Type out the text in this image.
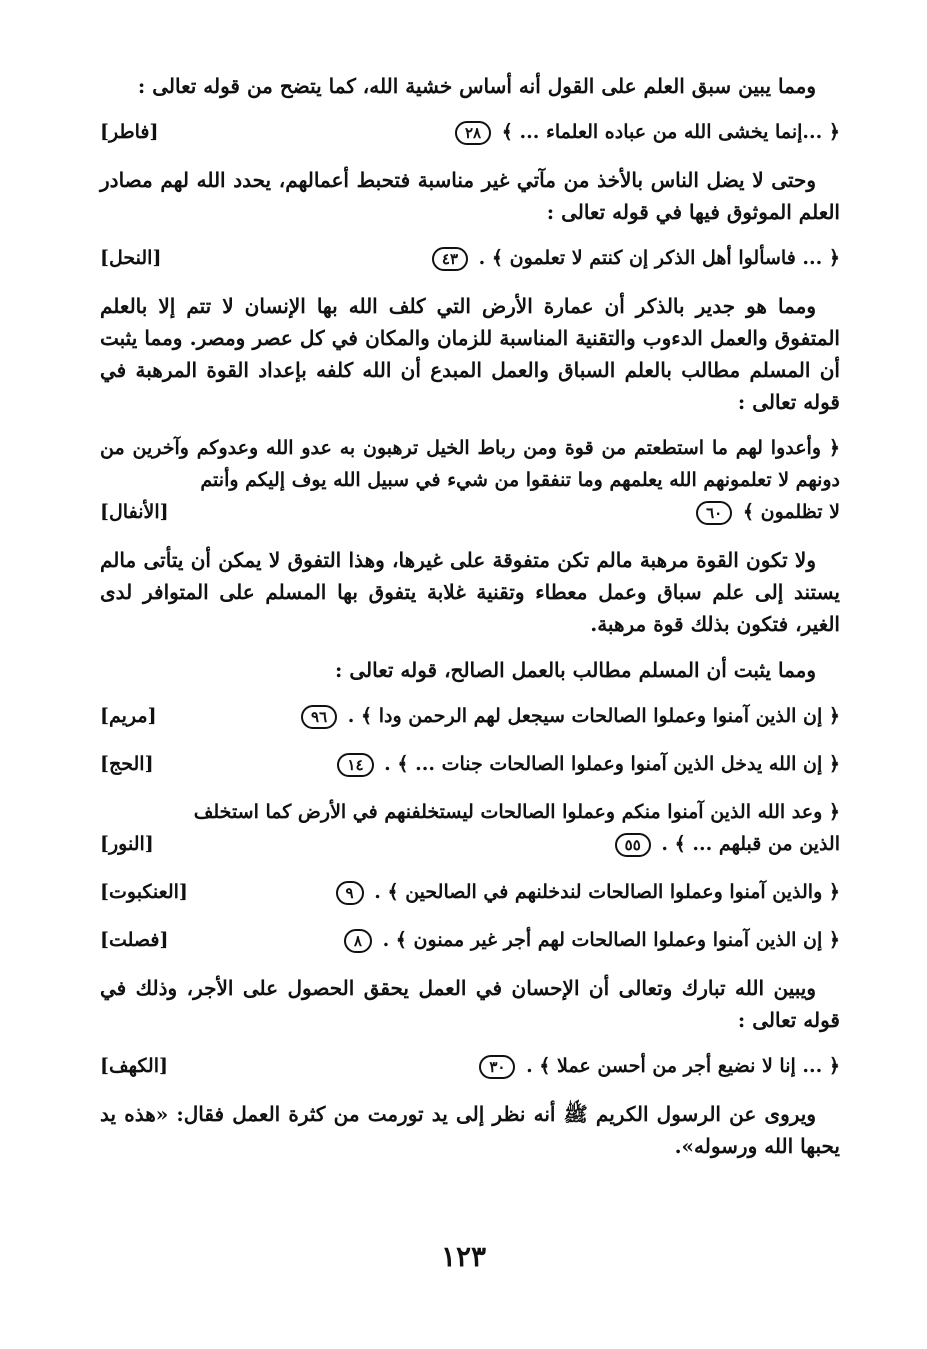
ومما يبين سبق العلم على القول أنه أساس خشية الله، كما يتضح من قوله تعالى :

﴿ ...إنما يخشى الله من عباده العلماء ... ﴾ ٢٨
[فاطر]

وحتى لا يضل الناس بالأخذ من مآتي غير مناسبة فتحبط أعمالهم، يحدد الله لهم مصادر العلم الموثوق فيها في قوله تعالى :

﴿ ... فاسألوا أهل الذكر إن كنتم لا تعلمون ﴾ . ٤٣
[النحل]

ومما هو جدير بالذكر أن عمارة الأرض التي كلف الله بها الإنسان لا تتم إلا بالعلم المتفوق والعمل الدءوب والتقنية المناسبة للزمان والمكان في كل عصر ومصر. ومما يثبت أن المسلم مطالب بالعلم السباق والعمل المبدع أن الله كلفه بإعداد القوة المرهبة في قوله تعالى :

﴿ وأعدوا لهم ما استطعتم من قوة ومن رباط الخيل ترهبون به عدو الله وعدوكم وآخرين من دونهم لا تعلمونهم الله يعلمهم وما تنفقوا من شيء في سبيل الله يوف إليكم وأنتم
لا تظلمون ﴾ ٦٠
[الأنفال]

ولا تكون القوة مرهبة مالم تكن متفوقة على غيرها، وهذا التفوق لا يمكن أن يتأتى مالم يستند إلى علم سباق وعمل معطاء وتقنية غلابة يتفوق بها المسلم على المتوافر لدى الغير، فتكون بذلك قوة مرهبة.

ومما يثبت أن المسلم مطالب بالعمل الصالح، قوله تعالى :

﴿ إن الذين آمنوا وعملوا الصالحات سيجعل لهم الرحمن ودا ﴾ . ٩٦
[مريم]
﴿ إن الله يدخل الذين آمنوا وعملوا الصالحات جنات ... ﴾ . ١٤
[الحج]
﴿ وعد الله الذين آمنوا منكم وعملوا الصالحات ليستخلفنهم في الأرض كما استخلف
الذين من قبلهم ... ﴾ . ٥٥
[النور]
﴿ والذين آمنوا وعملوا الصالحات لندخلنهم في الصالحين ﴾ . ٩
[العنكبوت]
﴿ إن الذين آمنوا وعملوا الصالحات لهم أجر غير ممنون ﴾ . ٨
[فصلت]

ويبين الله تبارك وتعالى أن الإحسان في العمل يحقق الحصول على الأجر، وذلك في قوله تعالى :

﴿ ... إنا لا نضيع أجر من أحسن عملا ﴾ . ٣٠
[الكهف]

ويروى عن الرسول الكريم ﷺ أنه نظر إلى يد تورمت من كثرة العمل فقال: «هذه يد يحبها الله ورسوله».

١٢٣
